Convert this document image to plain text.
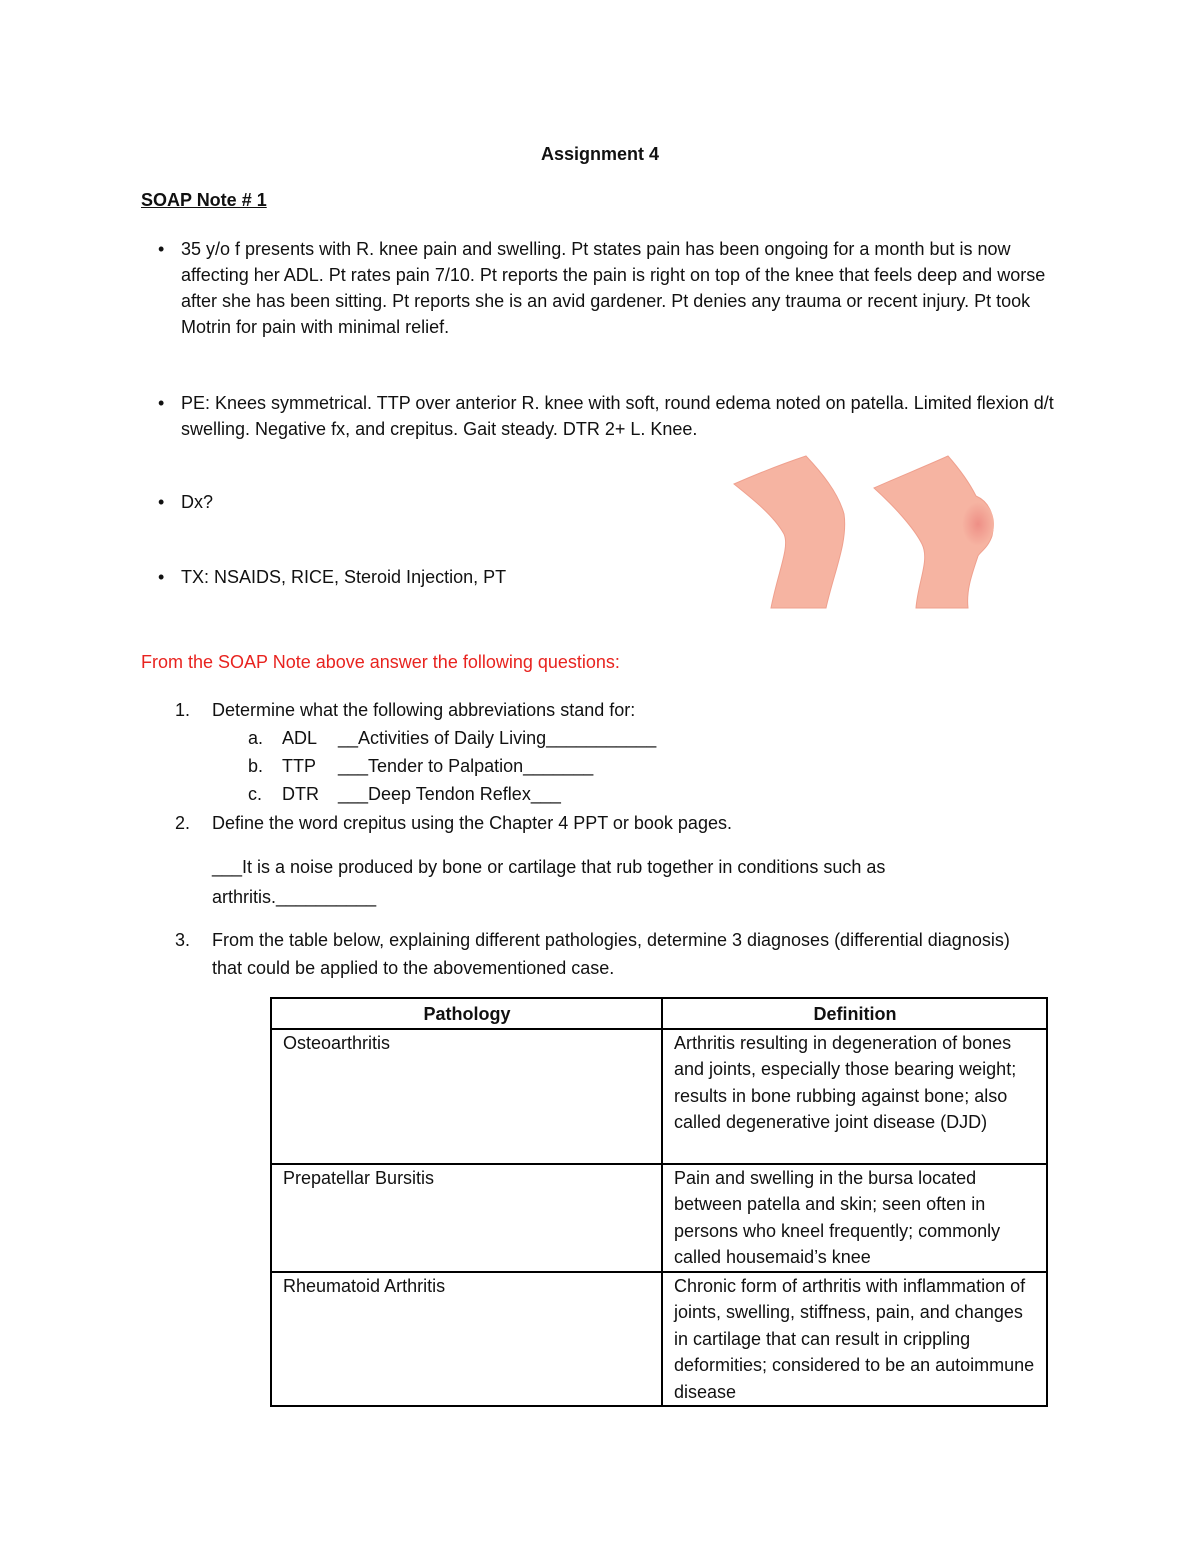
Assignment 4
SOAP Note # 1
• 35 y/o f presents with R. knee pain and swelling. Pt states pain has been ongoing for a month but is now affecting her ADL. Pt rates pain 7/10. Pt reports the pain is right on top of the knee that feels deep and worse after she has been sitting. Pt reports she is an avid gardener. Pt denies any trauma or recent injury. Pt took Motrin for pain with minimal relief.
• PE: Knees symmetrical. TTP over anterior R. knee with soft, round edema noted on patella. Limited flexion d/t swelling. Negative fx, and crepitus. Gait steady. DTR 2+ L. Knee.
• Dx?
• TX: NSAIDS, RICE, Steroid Injection, PT
From the SOAP Note above answer the following questions:
1. Determine what the following abbreviations stand for:
a. ADL __Activities of Daily Living___________
b. TTP ___Tender to Palpation_______
c. DTR ___Deep Tendon Reflex___
2. Define the word crepitus using the Chapter 4 PPT or book pages.
___It is a noise produced by bone or cartilage that rub together in conditions such as arthritis.__________
3. From the table below, explaining different pathologies, determine 3 diagnoses (differential diagnosis) that could be applied to the abovementioned case.
Pathology	Definition
Osteoarthritis	Arthritis resulting in degeneration of bones and joints, especially those bearing weight; results in bone rubbing against bone; also called degenerative joint disease (DJD)
Prepatellar Bursitis	Pain and swelling in the bursa located between patella and skin; seen often in persons who kneel frequently; commonly called housemaid’s knee
Rheumatoid Arthritis	Chronic form of arthritis with inflammation of joints, swelling, stiffness, pain, and changes in cartilage that can result in crippling deformities; considered to be an autoimmune disease
